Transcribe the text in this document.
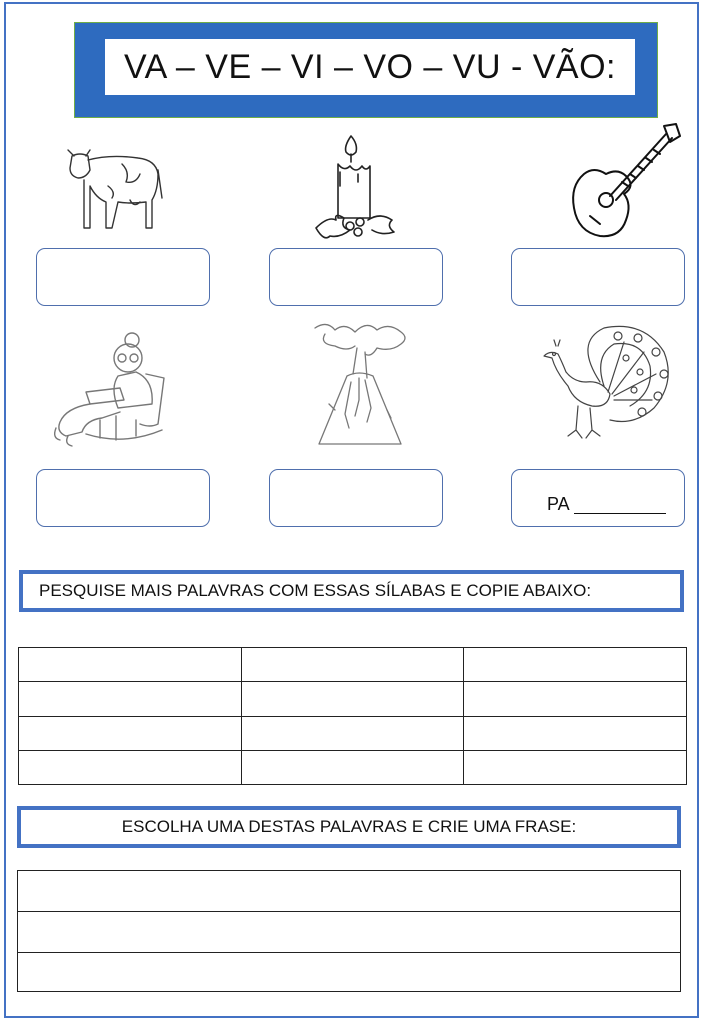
VA – VE – VI – VO – VU - VÃO:
PA
PESQUISE MAIS PALAVRAS COM ESSAS SÍLABAS E COPIE ABAIXO:

ESCOLHA UMA DESTAS PALAVRAS E CRIE UMA FRASE:
